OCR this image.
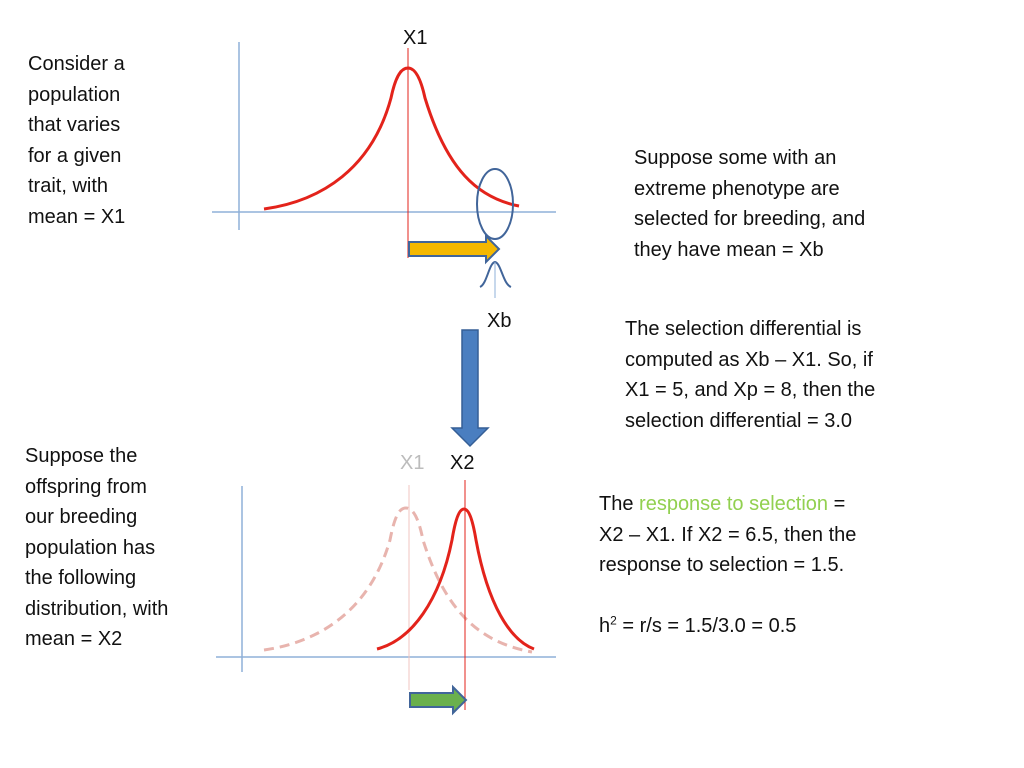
X1
Xb
X1 X2
Consider a
population
that varies
for a given
trait, with
mean = X1
Suppose some with an
extreme phenotype are
selected for breeding, and
they have mean = Xb
The selection differential is
computed as Xb – X1. So, if
X1 = 5, and Xp = 8, then the
selection differential = 3.0
Suppose the
offspring from
our breeding
population has
the following
distribution, with
mean = X2
The response to selection =
X2 – X1. If X2 = 6.5, then the
response to selection = 1.5.

$h^2 = r/s = 1.5/3.0 = 0.5$
